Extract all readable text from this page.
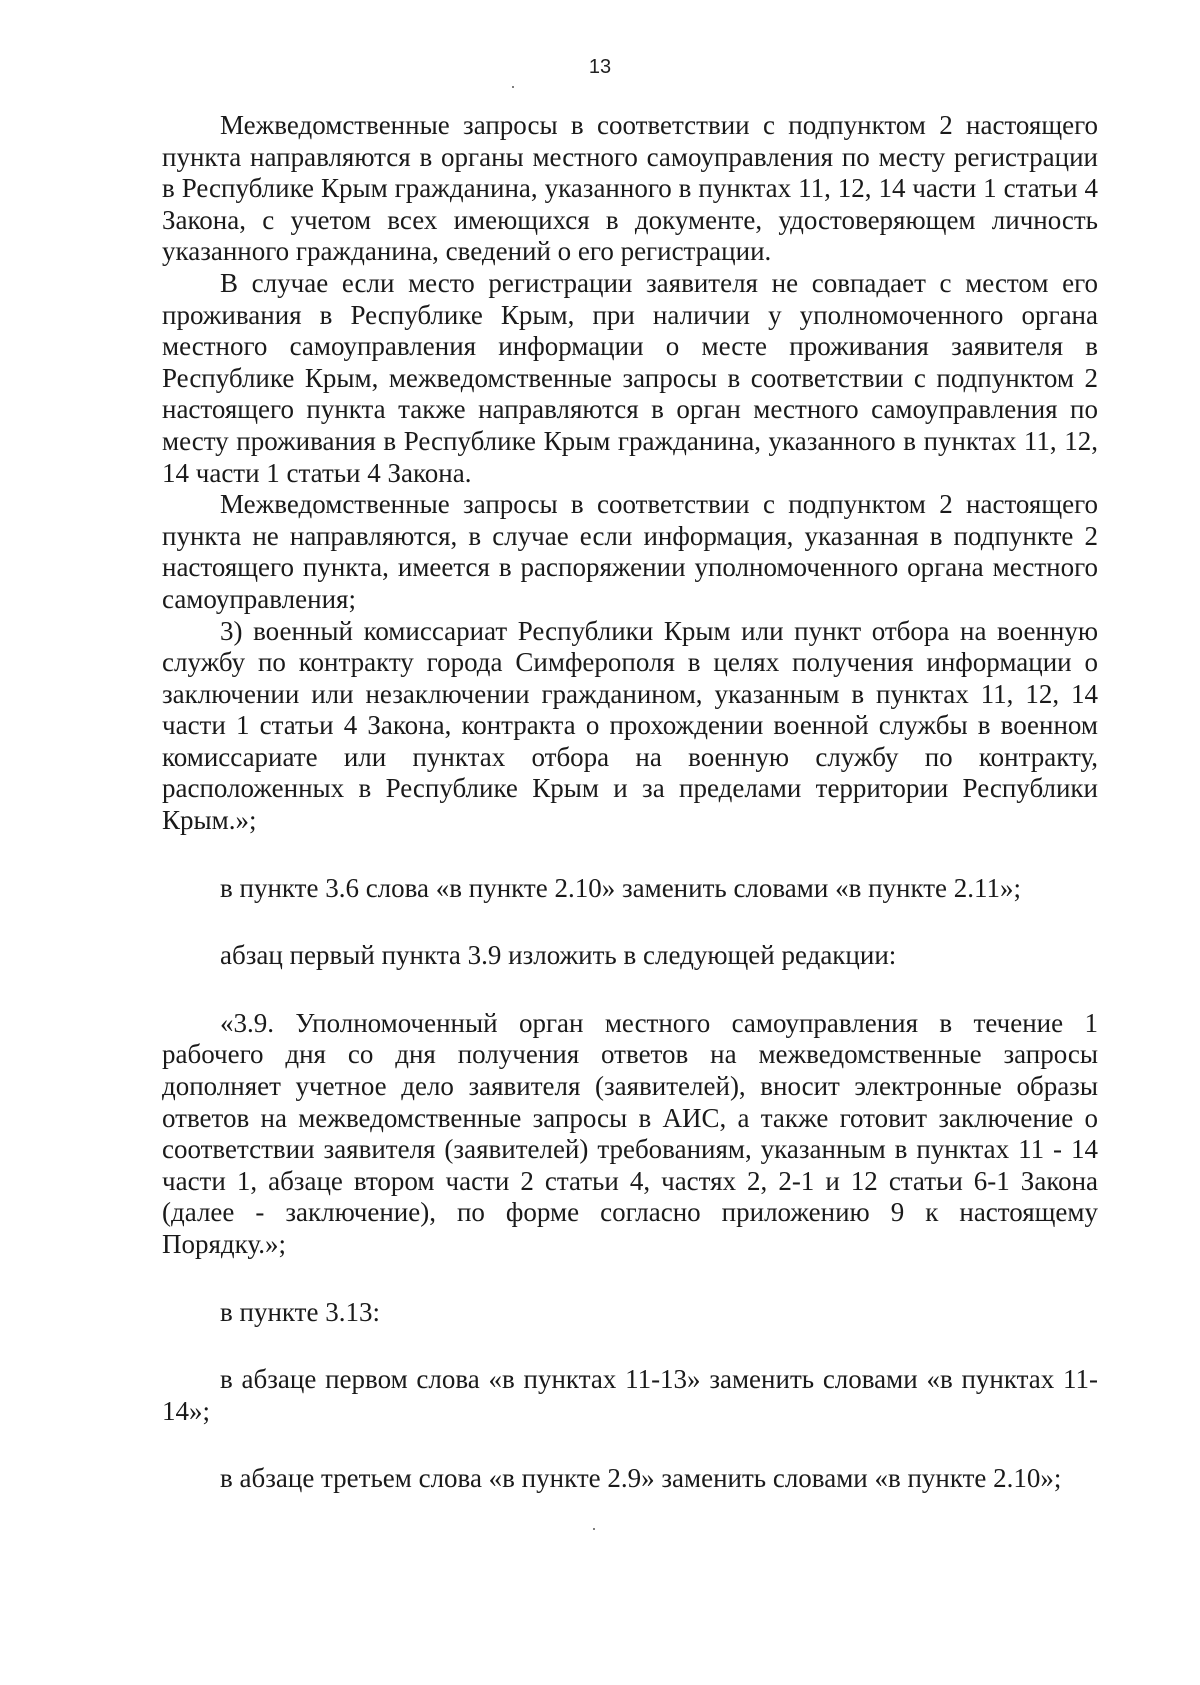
13

Межведомственные запросы в соответствии с подпунктом 2 настоящего пункта направляются в органы местного самоуправления по месту регистрации в Республике Крым гражданина, указанного в пунктах 11, 12, 14 части 1 статьи 4 Закона, с учетом всех имеющихся в документе, удостоверяющем личность указанного гражданина, сведений о его регистрации.

В случае если место регистрации заявителя не совпадает с местом его проживания в Республике Крым, при наличии у уполномоченного органа местного самоуправления информации о месте проживания заявителя в Республике Крым, межведомственные запросы в соответствии с подпунктом 2 настоящего пункта также направляются в орган местного самоуправления по месту проживания в Республике Крым гражданина, указанного в пунктах 11, 12, 14 части 1 статьи 4 Закона.

Межведомственные запросы в соответствии с подпунктом 2 настоящего пункта не направляются, в случае если информация, указанная в подпункте 2 настоящего пункта, имеется в распоряжении уполномоченного органа местного самоуправления;

3) военный комиссариат Республики Крым или пункт отбора на военную службу по контракту города Симферополя в целях получения информации о заключении или незаключении гражданином, указанным в пунктах 11, 12, 14 части 1 статьи 4 Закона, контракта о прохождении военной службы в военном комиссариате или пунктах отбора на военную службу по контракту, расположенных в Республике Крым и за пределами территории Республики Крым.»;

в пункте 3.6 слова «в пункте 2.10» заменить словами «в пункте 2.11»;

абзац первый пункта 3.9 изложить в следующей редакции:

«3.9. Уполномоченный орган местного самоуправления в течение 1 рабочего дня со дня получения ответов на межведомственные запросы дополняет учетное дело заявителя (заявителей), вносит электронные образы ответов на межведомственные запросы в АИС, а также готовит заключение о соответствии заявителя (заявителей) требованиям, указанным в пунктах 11 - 14 части 1, абзаце втором части 2 статьи 4, частях 2, 2-1 и 12 статьи 6-1 Закона (далее - заключение), по форме согласно приложению 9 к настоящему Порядку.»;

в пункте 3.13:

в абзаце первом слова «в пунктах 11-13» заменить словами «в пунктах 11-14»;

в абзаце третьем слова «в пункте 2.9» заменить словами «в пункте 2.10»;
